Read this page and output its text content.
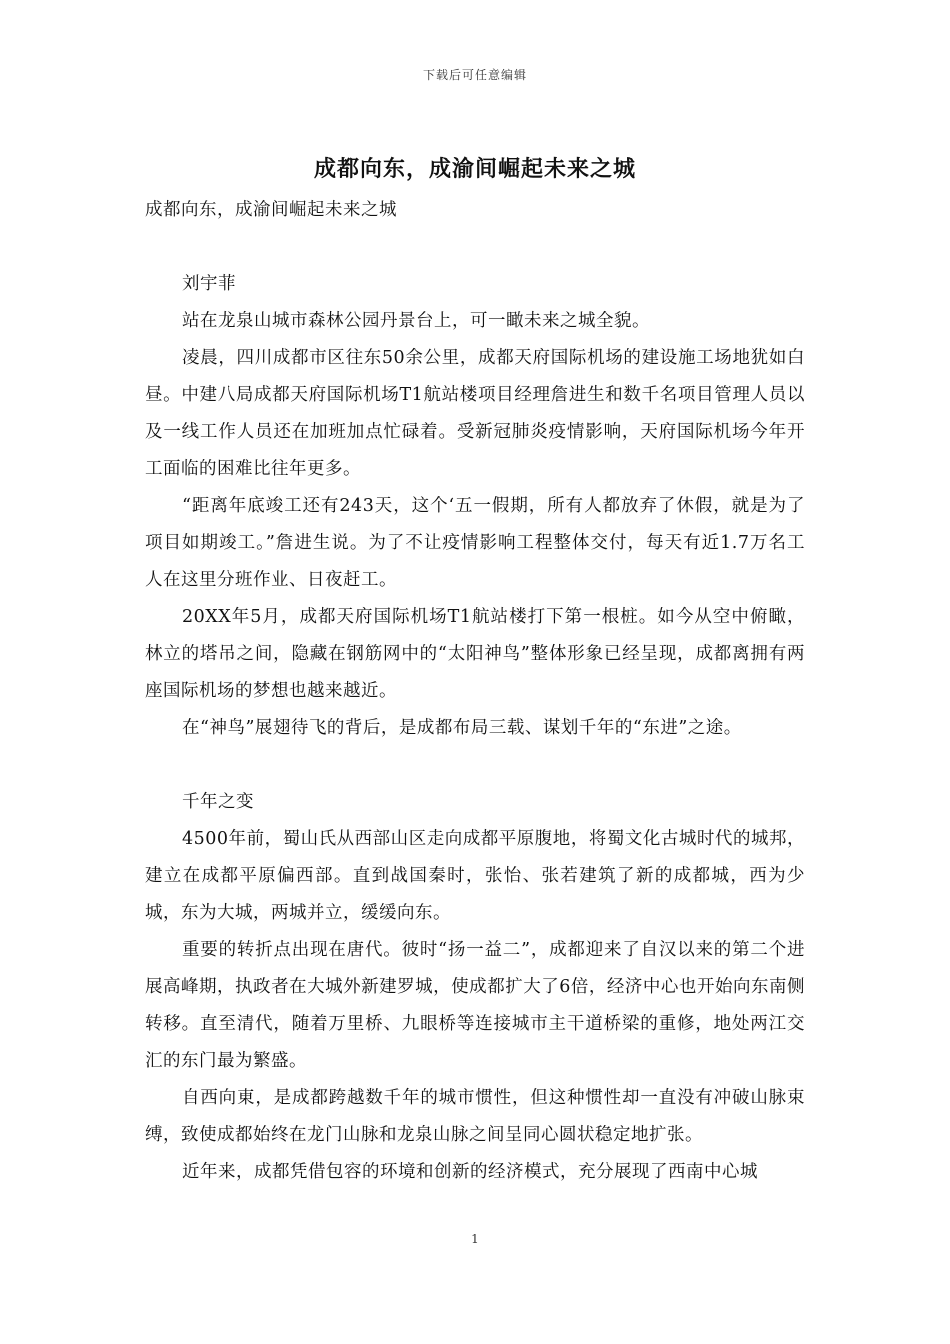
下载后可任意编辑
成都向东，成渝间崛起未来之城

成都向东，成渝间崛起未来之城

刘宇菲

站在龙泉山城市森林公园丹景台上，可一瞰未来之城全貌。

凌晨，四川成都市区往东50余公里，成都天府国际机场的建设施工场地犹如白昼。中建八局成都天府国际机场T1航站楼项目经理詹进生和数千名项目管理人员以及一线工作人员还在加班加点忙碌着。受新冠肺炎疫情影响，天府国际机场今年开工面临的困难比往年更多。

“距离年底竣工还有243天，这个‘五一假期，所有人都放弃了休假，就是为了项目如期竣工。”詹进生说。为了不让疫情影响工程整体交付，每天有近1.7万名工人在这里分班作业、日夜赶工。

20XX年5月，成都天府国际机场T1航站楼打下第一根桩。如今从空中俯瞰，林立的塔吊之间，隐藏在钢筋网中的“太阳神鸟”整体形象已经呈现，成都离拥有两座国际机场的梦想也越来越近。

在“神鸟”展翅待飞的背后，是成都布局三载、谋划千年的“东进”之途。

千年之变

4500年前，蜀山氏从西部山区走向成都平原腹地，将蜀文化古城时代的城邦，建立在成都平原偏西部。直到战国秦时，张怡、张若建筑了新的成都城，西为少城，东为大城，两城并立，缓缓向东。

重要的转折点出现在唐代。彼时“扬一益二”，成都迎来了自汉以来的第二个进展高峰期，执政者在大城外新建罗城，使成都扩大了6倍，经济中心也开始向东南侧转移。直至清代，随着万里桥、九眼桥等连接城市主干道桥梁的重修，地处两江交汇的东门最为繁盛。

自西向東，是成都跨越数千年的城市惯性，但这种惯性却一直没有冲破山脉束缚，致使成都始终在龙门山脉和龙泉山脉之间呈同心圆状稳定地扩张。

近年来，成都凭借包容的环境和创新的经济模式，充分展现了西南中心城

1
